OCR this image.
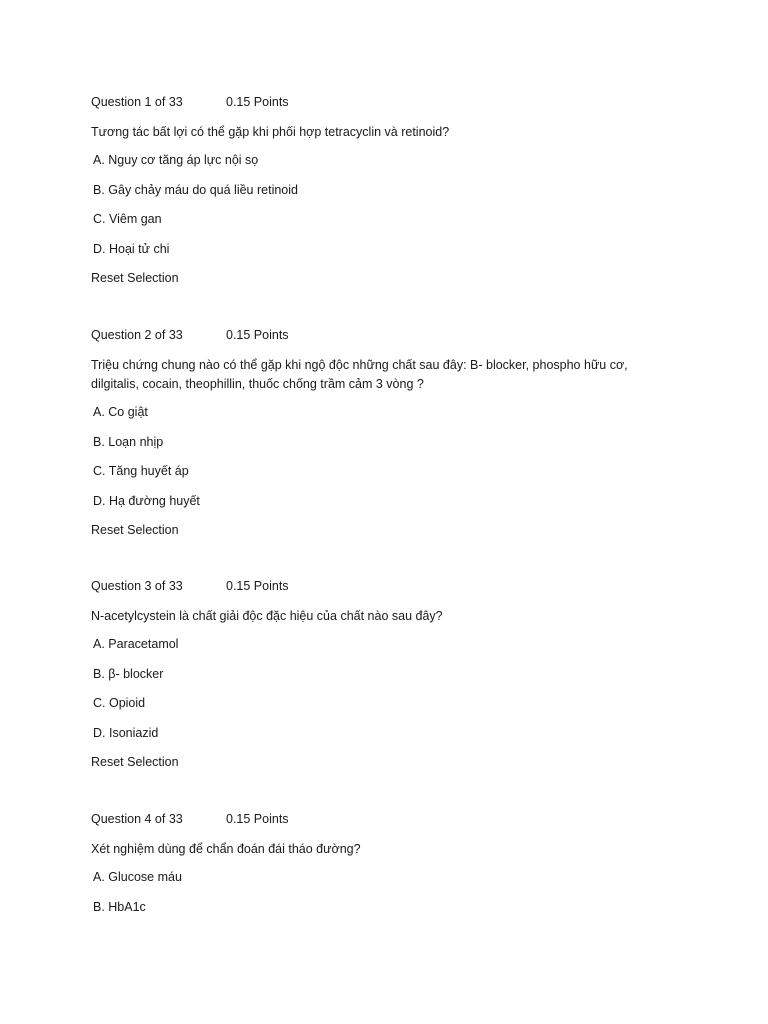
Question 1 of 33	0.15 Points
Tương tác bất lợi có thể gặp khi phối hợp tetracyclin và retinoid?
A. Nguy cơ tăng áp lực nội sọ
B. Gây chảy máu do quá liều retinoid
C. Viêm gan
D. Hoại tử chi
Reset Selection
Question 2 of 33	0.15 Points
Triệu chứng chung nào có thể gặp khi ngộ độc những chất sau đây: B- blocker, phospho hữu cơ, dilgitalis, cocain, theophillin, thuốc chống trầm cảm 3 vòng ?
A. Co giật
B. Loạn nhịp
C. Tăng huyết áp
D. Hạ đường huyết
Reset Selection
Question 3 of 33	0.15 Points
N-acetylcystein là chất giải độc đặc hiệu của chất nào sau đây?
A. Paracetamol
B. β- blocker
C. Opioid
D. Isoniazid
Reset Selection
Question 4 of 33	0.15 Points
Xét nghiệm dùng để chẩn đoán đái tháo đường?
A. Glucose máu
B. HbA1c
